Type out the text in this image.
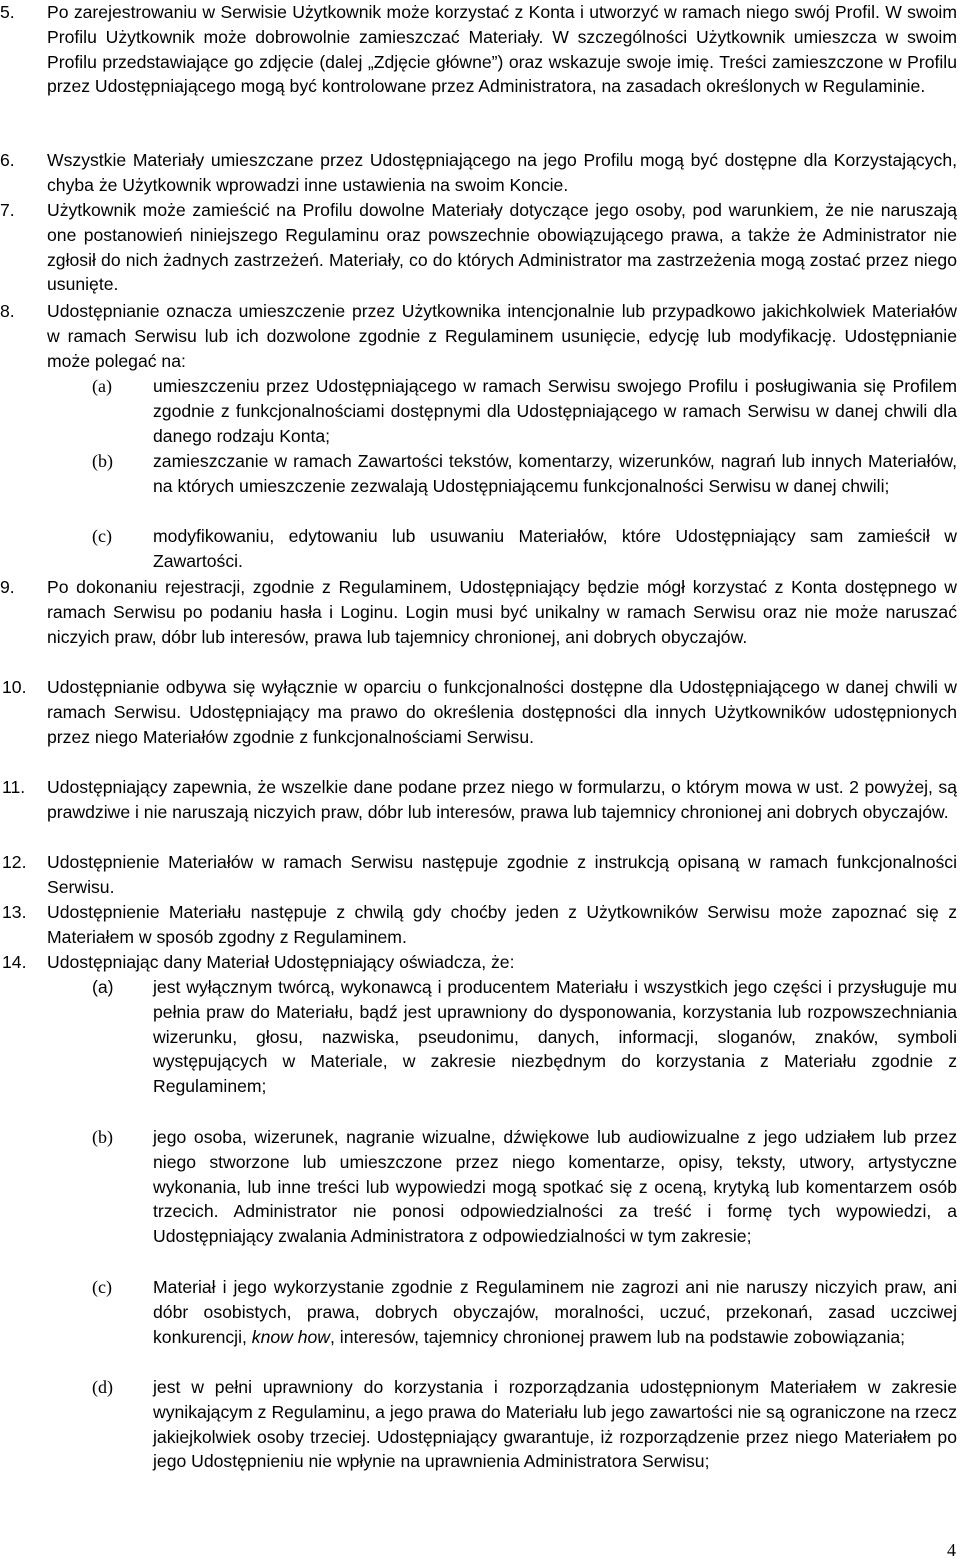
5. Po zarejestrowaniu w Serwisie Użytkownik może korzystać z Konta i utworzyć w ramach niego swój Profil. W swoim Profilu Użytkownik może dobrowolnie zamieszczać Materiały. W szczególności Użytkownik umieszcza w swoim Profilu przedstawiające go zdjęcie (dalej „Zdjęcie główne”) oraz wskazuje swoje imię. Treści zamieszczone w Profilu przez Udostępniającego mogą być kontrolowane przez Administratora, na zasadach określonych w Regulaminie.
6. Wszystkie Materiały umieszczane przez Udostępniającego na jego Profilu mogą być dostępne dla Korzystających, chyba że Użytkownik wprowadzi inne ustawienia na swoim Koncie.
7. Użytkownik może zamieścić na Profilu dowolne Materiały dotyczące jego osoby, pod warunkiem, że nie naruszają one postanowień niniejszego Regulaminu oraz powszechnie obowiązującego prawa, a także że Administrator nie zgłosił do nich żadnych zastrzeżeń. Materiały, co do których Administrator ma zastrzeżenia mogą zostać przez niego usunięte.
8. Udostępnianie oznacza umieszczenie przez Użytkownika intencjonalnie lub przypadkowo jakichkolwiek Materiałów w ramach Serwisu lub ich dozwolone zgodnie z Regulaminem usunięcie, edycję lub modyfikację. Udostępnianie może polegać na:
(a) umieszczeniu przez Udostępniającego w ramach Serwisu swojego Profilu i posługiwania się Profilem zgodnie z funkcjonalnościami dostępnymi dla Udostępniającego w ramach Serwisu w danej chwili dla danego rodzaju Konta;
(b) zamieszczanie w ramach Zawartości tekstów, komentarzy, wizerunków, nagrań lub innych Materiałów, na których umieszczenie zezwalają Udostępniającemu funkcjonalności Serwisu w danej chwili;
(c) modyfikowaniu, edytowaniu lub usuwaniu Materiałów, które Udostępniający sam zamieścił w Zawartości.
9. Po dokonaniu rejestracji, zgodnie z Regulaminem, Udostępniający będzie mógł korzystać z Konta dostępnego w ramach Serwisu po podaniu hasła i Loginu. Login musi być unikalny w ramach Serwisu oraz nie może naruszać niczyich praw, dóbr lub interesów, prawa lub tajemnicy chronionej, ani dobrych obyczajów.
10. Udostępnianie odbywa się wyłącznie w oparciu o funkcjonalności dostępne dla Udostępniającego w danej chwili w ramach Serwisu. Udostępniający ma prawo do określenia dostępności dla innych Użytkowników udostępnionych przez niego Materiałów zgodnie z funkcjonalnościami Serwisu.
11. Udostępniający zapewnia, że wszelkie dane podane przez niego w formularzu, o którym mowa w ust. 2 powyżej, są prawdziwe i nie naruszają niczyich praw, dóbr lub interesów, prawa lub tajemnicy chronionej ani dobrych obyczajów.
12. Udostępnienie Materiałów w ramach Serwisu następuje zgodnie z instrukcją opisaną w ramach funkcjonalności Serwisu.
13. Udostępnienie Materiału następuje z chwilą gdy choćby jeden z Użytkowników Serwisu może zapoznać się z Materiałem w sposób zgodny z Regulaminem.
14. Udostępniając dany Materiał Udostępniający oświadcza, że:
(a) jest wyłącznym twórcą, wykonawcą i producentem Materiału i wszystkich jego części i przysługuje mu pełnia praw do Materiału, bądź jest uprawniony do dysponowania, korzystania lub rozpowszechniania wizerunku, głosu, nazwiska, pseudonimu, danych, informacji, sloganów, znaków, symboli występujących w Materiale, w zakresie niezbędnym do korzystania z Materiału zgodnie z Regulaminem;
(b) jego osoba, wizerunek, nagranie wizualne, dźwiękowe lub audiowizualne z jego udziałem lub przez niego stworzone lub umieszczone przez niego komentarze, opisy, teksty, utwory, artystyczne wykonania, lub inne treści lub wypowiedzi mogą spotkać się z oceną, krytyką lub komentarzem osób trzecich. Administrator nie ponosi odpowiedzialności za treść i formę tych wypowiedzi, a Udostępniający zwalania Administratora z odpowiedzialności w tym zakresie;
(c) Materiał i jego wykorzystanie zgodnie z Regulaminem nie zagrozi ani nie naruszy niczyich praw, ani dóbr osobistych, prawa, dobrych obyczajów, moralności, uczuć, przekonań, zasad uczciwej konkurencji, know how, interesów, tajemnicy chronionej prawem lub na podstawie zobowiązania;
(d) jest w pełni uprawniony do korzystania i rozporządzania udostępnionym Materiałem w zakresie wynikającym z Regulaminu, a jego prawa do Materiału lub jego zawartości nie są ograniczone na rzecz jakiejkolwiek osoby trzeciej. Udostępniający gwarantuje, iż rozporządzenie przez niego Materiałem po jego Udostępnieniu nie wpłynie na uprawnienia Administratora Serwisu;
4
